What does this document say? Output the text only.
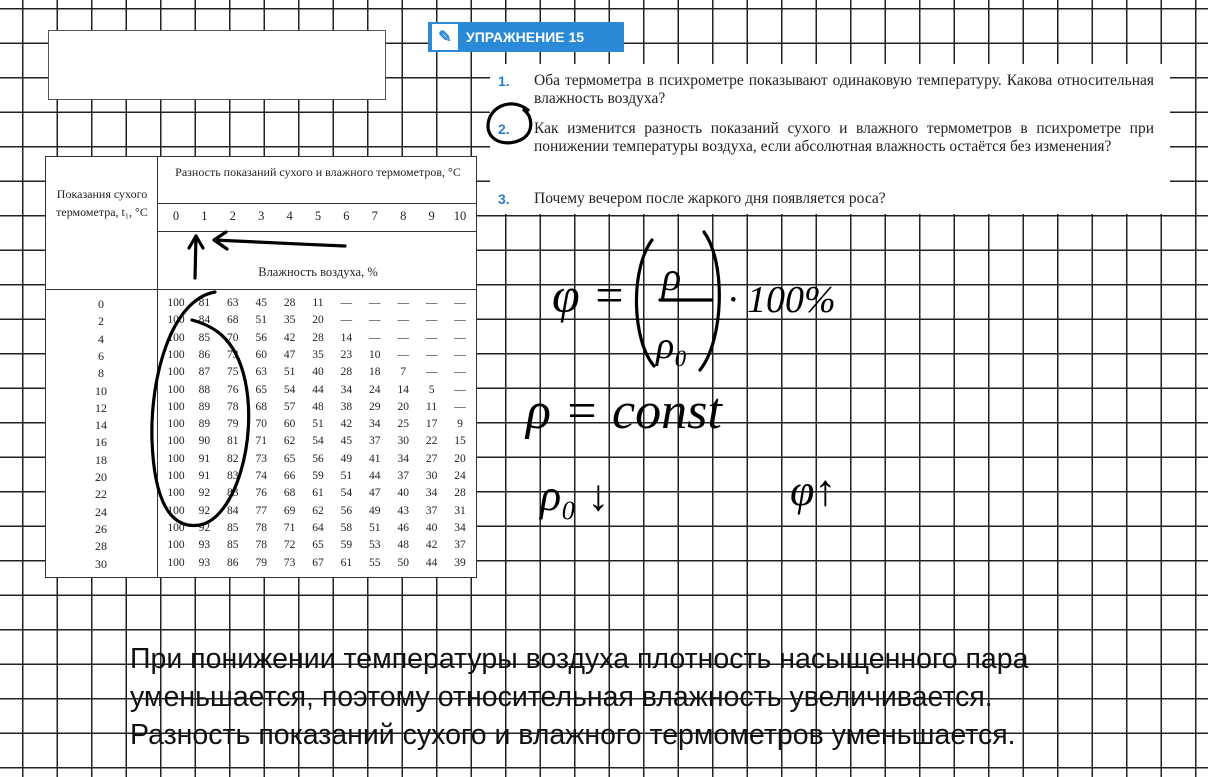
✎	УПРАЖНЕНИЕ 15
1. Оба термометра в психрометре показывают одинаковую температуру. Какова относительная влажность воздуха?
2. Как изменится разность показаний сухого и влажного термометров в психрометре при понижении температуры воздуха, если абсолютная влажность остаётся без изменения?
3. Почему вечером после жаркого дня появляется роса?
Показания сухого термометра, t₁, °C
Разность показаний сухого и влажного термометров, °C
Влажность воздуха, %
0	1	2	3	4	5	6	7	8	9	10
0	100	81	63	45	28	11	—	—	—	—	—
2	100	84	68	51	35	20	—	—	—	—	—
4	100	85	70	56	42	28	14	—	—	—	—
6	100	86	73	60	47	35	23	10	—	—	—
8	100	87	75	63	51	40	28	18	7	—	—
10	100	88	76	65	54	44	34	24	14	5	—
12	100	89	78	68	57	48	38	29	20	11	—
14	100	89	79	70	60	51	42	34	25	17	9
16	100	90	81	71	62	54	45	37	30	22	15
18	100	91	82	73	65	56	49	41	34	27	20
20	100	91	83	74	66	59	51	44	37	30	24
22	100	92	83	76	68	61	54	47	40	34	28
24	100	92	84	77	69	62	56	49	43	37	31
26	100	92	85	78	71	64	58	51	46	40	34
28	100	93	85	78	72	65	59	53	48	42	37
30	100	93	86	79	73	67	61	55	50	44	39
φ = ρ
ρ₀
· 100%
ρ = const
ρ₀ ↓	φ↑
При понижении температуры воздуха плотность насыщенного пара
уменьшается, поэтому относительная влажность увеличивается.
Разность показаний сухого и влажного термометров уменьшается.
